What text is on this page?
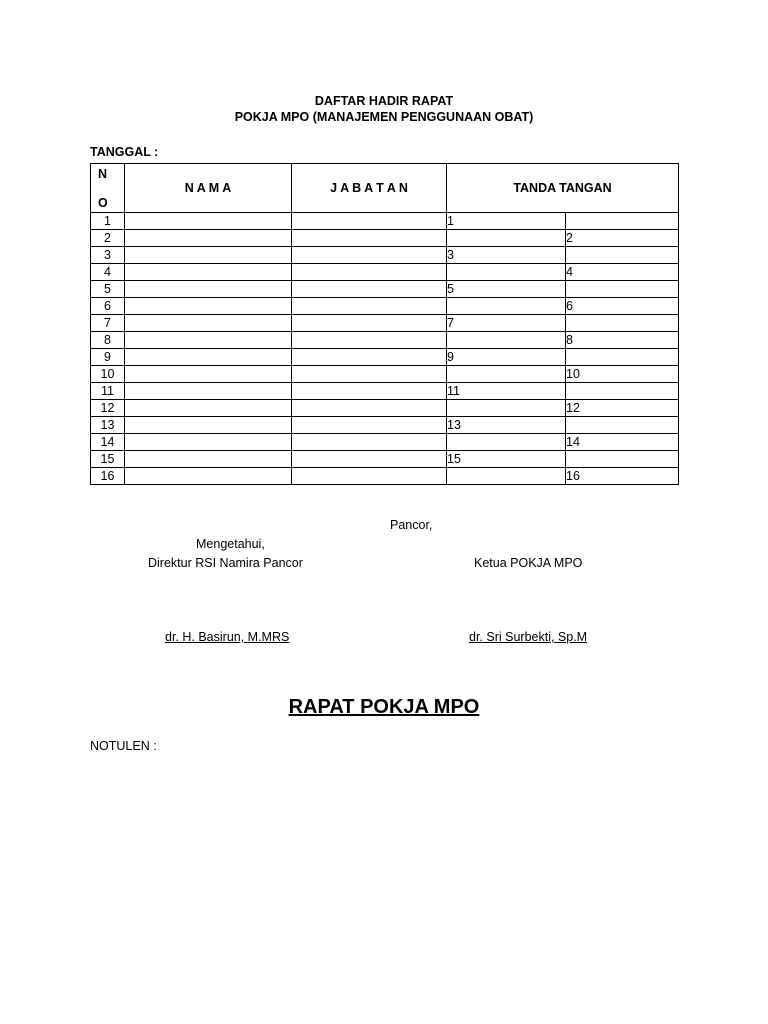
DAFTAR HADIR RAPAT
POKJA MPO (MANAJEMEN PENGGUNAAN OBAT)
TANGGAL :
N
O	N A M A	J A B A T A N	TANDA TANGAN	
1			1	
2				2
3			3	
4				4
5			5	
6				6
7			7	
8				8
9			9	
10				10
11			11	
12				12
13			13	
14				14
15			15	
16				16
Pancor,
Mengetahui,
Direktur RSI Namira Pancor	Ketua POKJA MPO
dr. H. Basirun, M.MRS	dr. Sri Surbekti, Sp.M
RAPAT POKJA MPO
NOTULEN :
